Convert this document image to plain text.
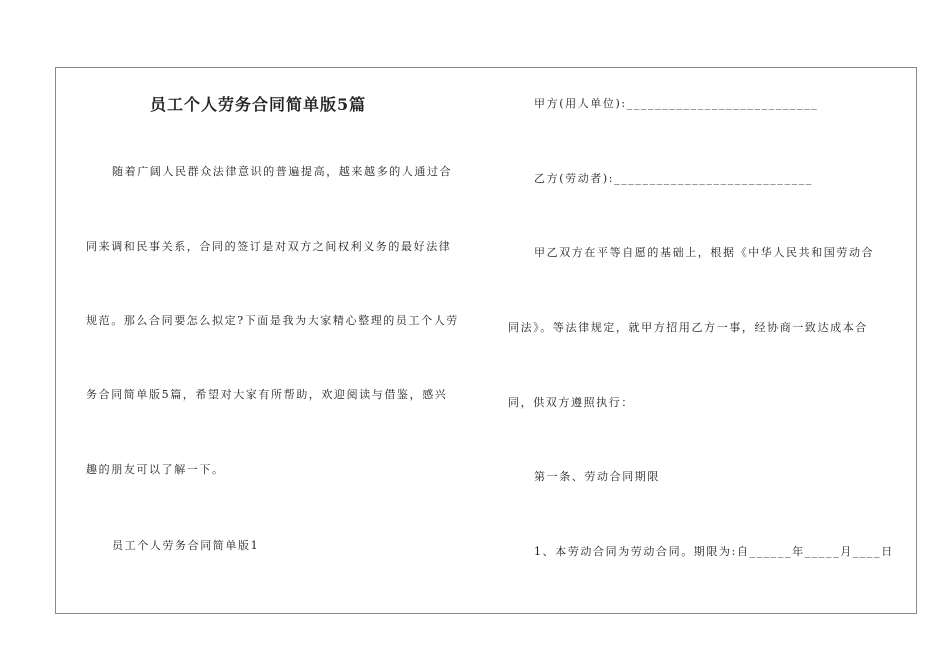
员工个人劳务合同简单版5篇
随着广阔人民群众法律意识的普遍提高，越来越多的人通过合
同来调和民事关系，合同的签订是对双方之间权利义务的最好法律
规范。那么合同要怎么拟定?下面是我为大家精心整理的员工个人劳
务合同简单版5篇，希望对大家有所帮助，欢迎阅读与借鉴，感兴
趣的朋友可以了解一下。
员工个人劳务合同简单版1
甲方(用人单位):___________________________
乙方(劳动者):____________________________
甲乙双方在平等自愿的基础上，根据《中华人民共和国劳动合
同法》。等法律规定，就甲方招用乙方一事，经协商一致达成本合
同，供双方遵照执行：
第一条、劳动合同期限
1、本劳动合同为劳动合同。期限为:自______年_____月____日
